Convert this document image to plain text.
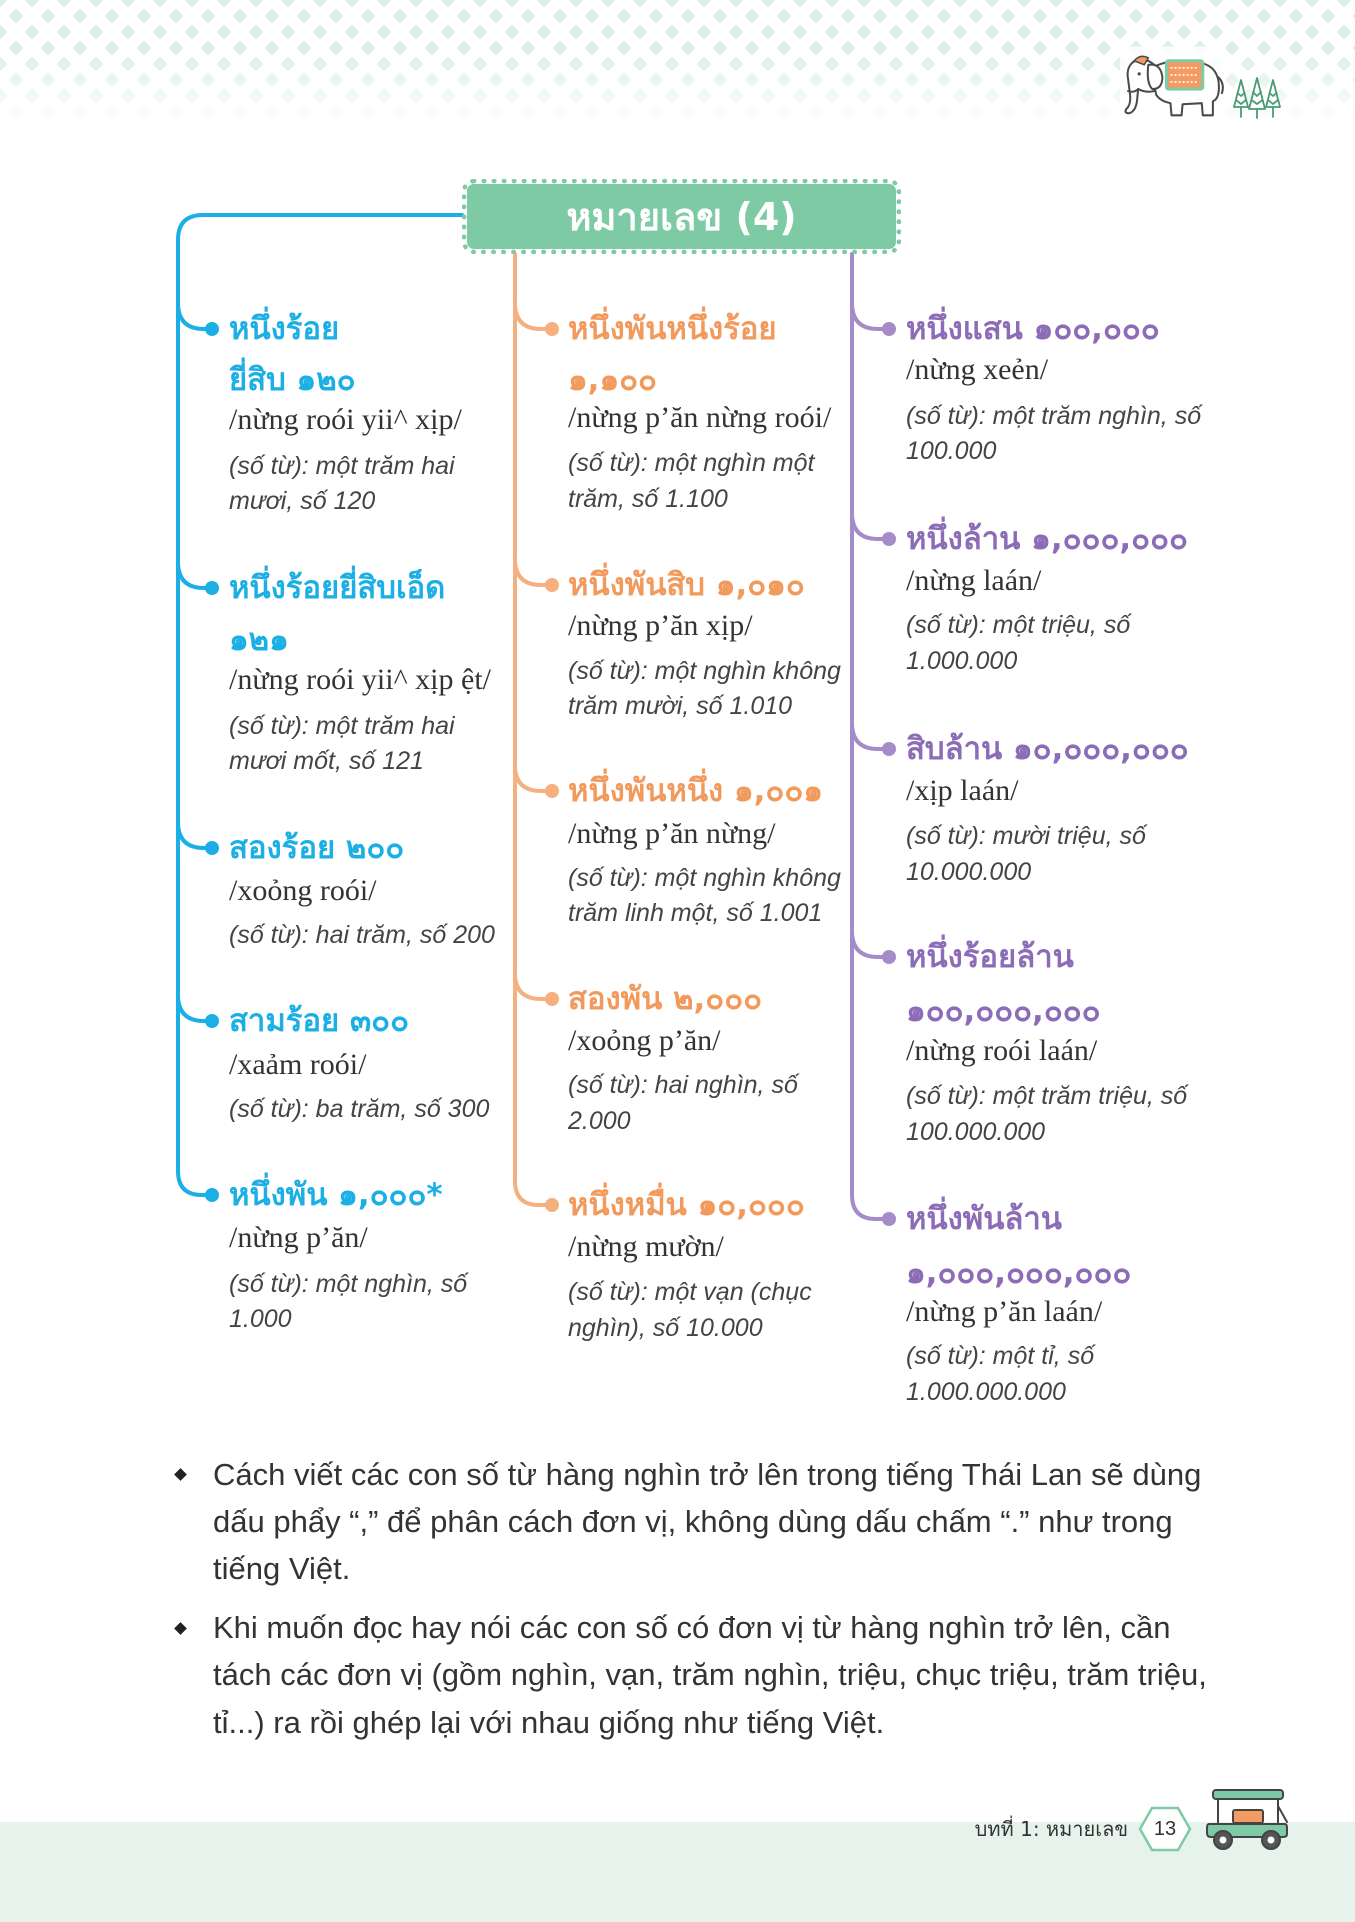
หมายเลข (4)
หนึ่งร้อย
ยี่สิบ ๑๒๐
/nừng roói yii^ xịp/
(số từ): một trăm hai
mươi, số 120
หนึ่งร้อยยี่สิบเอ็ด
๑๒๑
/nừng roói yii^ xịp ệt/
(số từ): một trăm hai
mươi mốt, số 121
สองร้อย ๒๐๐
/xoỏng roói/
(số từ): hai trăm, số 200
สามร้อย ๓๐๐
/xaảm roói/
(số từ): ba trăm, số 300
หนึ่งพัน ๑,๐๐๐*
/nừng p’ăn/
(số từ): một nghìn, số
1.000
หนึ่งพันหนึ่งร้อย
๑,๑๐๐
/nừng p’ăn nừng roói/
(số từ): một nghìn một
trăm, số 1.100
หนึ่งพันสิบ ๑,๐๑๐
/nừng p’ăn xịp/
(số từ): một nghìn không
trăm mười, số 1.010
หนึ่งพันหนึ่ง ๑,๐๐๑
/nừng p’ăn nừng/
(số từ): một nghìn không
trăm linh một, số 1.001
สองพัน ๒,๐๐๐
/xoỏng p’ăn/
(số từ): hai nghìn, số
2.000
หนึ่งหมื่น ๑๐,๐๐๐
/nừng mườn/
(số từ): một vạn (chục
nghìn), số 10.000
หนึ่งแสน ๑๐๐,๐๐๐
/nừng xeẻn/
(số từ): một trăm nghìn, số
100.000
หนึ่งล้าน ๑,๐๐๐,๐๐๐
/nừng laán/
(số từ): một triệu, số
1.000.000
สิบล้าน ๑๐,๐๐๐,๐๐๐
/xịp laán/
(số từ): mười triệu, số
10.000.000
หนึ่งร้อยล้าน
๑๐๐,๐๐๐,๐๐๐
/nừng roói laán/
(số từ): một trăm triệu, số
100.000.000
หนึ่งพันล้าน
๑,๐๐๐,๐๐๐,๐๐๐
/nừng p’ăn laán/
(số từ): một tỉ, số
1.000.000.000
Cách viết các con số từ hàng nghìn trở lên trong tiếng Thái Lan sẽ dùng
dấu phẩy “,” để phân cách đơn vị, không dùng dấu chấm “.” như trong
tiếng Việt.
Khi muốn đọc hay nói các con số có đơn vị từ hàng nghìn trở lên, cần
tách các đơn vị (gồm nghìn, vạn, trăm nghìn, triệu, chục triệu, trăm triệu,
tỉ...) ra rồi ghép lại với nhau giống như tiếng Việt.
บทที่ 1: หมายเลข	13
